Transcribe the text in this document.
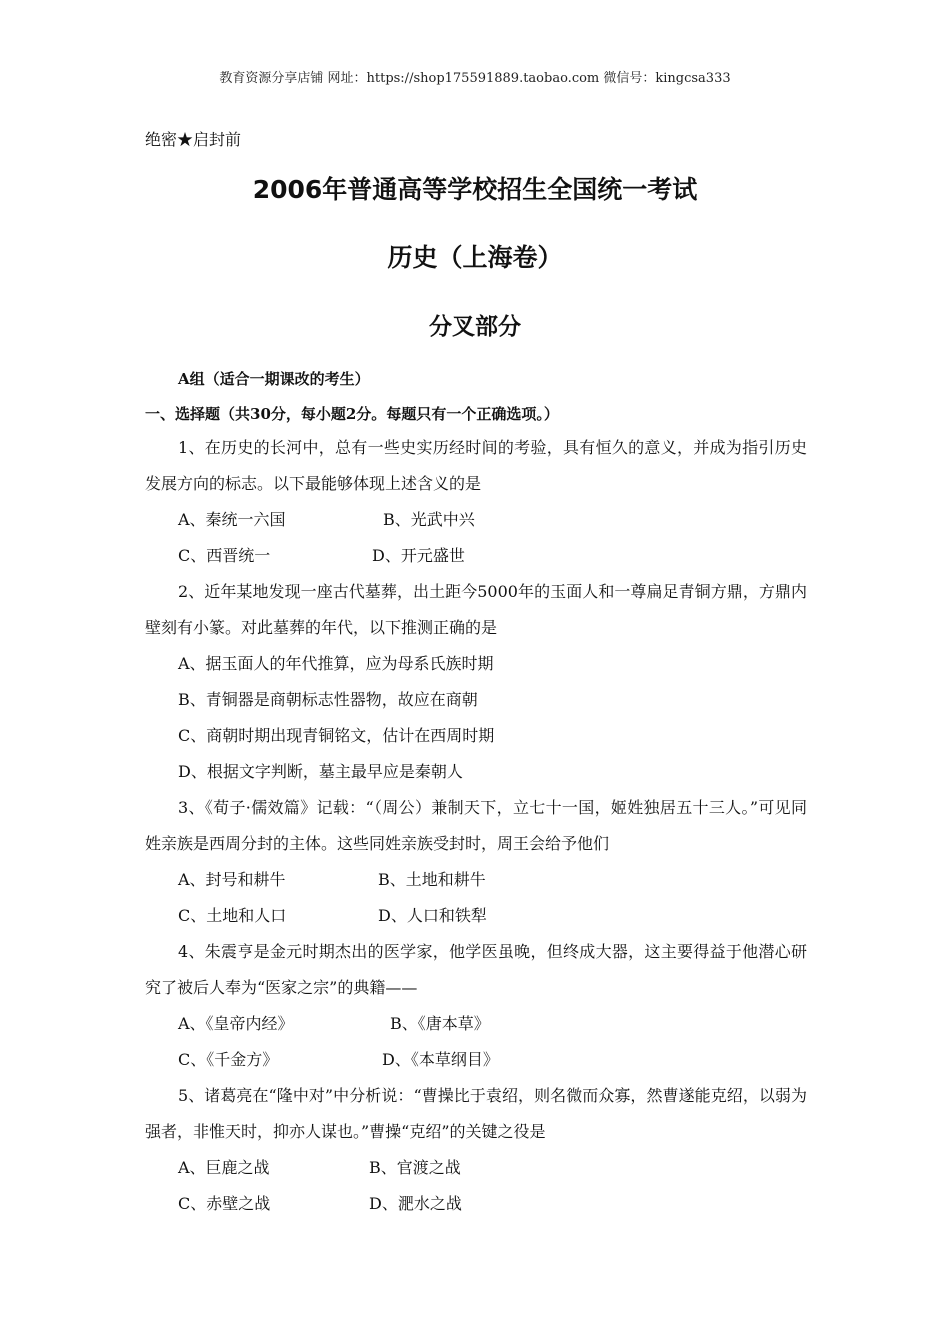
教育资源分享店铺 网址：https://shop175591889.taobao.com 微信号：kingcsa333
绝密★启封前
2006年普通高等学校招生全国统一考试
历史（上海卷）
分叉部分
A组（适合一期课改的考生）
一、选择题（共30分，每小题2分。每题只有一个正确选项。）

1、在历史的长河中，总有一些史实历经时间的考验，具有恒久的意义，并成为指引历史发展方向的标志。以下最能够体现上述含义的是

A、秦统一六国	B、光武中兴
C、西晋统一	D、开元盛世

2、近年某地发现一座古代墓葬，出土距今5000年的玉面人和一尊扁足青铜方鼎，方鼎内壁刻有小篆。对此墓葬的年代，以下推测正确的是

A、据玉面人的年代推算，应为母系氏族时期
B、青铜器是商朝标志性器物，故应在商朝
C、商朝时期出现青铜铭文，估计在西周时期
D、根据文字判断，墓主最早应是秦朝人

3、《荀子·儒效篇》记载：“（周公）兼制天下，立七十一国，姬姓独居五十三人。”可见同姓亲族是西周分封的主体。这些同姓亲族受封时，周王会给予他们

A、封号和耕牛	B、土地和耕牛
C、土地和人口	D、人口和铁犁

4、朱震亨是金元时期杰出的医学家，他学医虽晚，但终成大器，这主要得益于他潜心研究了被后人奉为“医家之宗”的典籍——

A、《皇帝内经》	B、《唐本草》
C、《千金方》	D、《本草纲目》

5、诸葛亮在“隆中对”中分析说：“曹操比于袁绍，则名微而众寡，然曹遂能克绍，以弱为强者，非惟天时，抑亦人谋也。”曹操“克绍”的关键之役是

A、巨鹿之战	B、官渡之战
C、赤壁之战	D、淝水之战
